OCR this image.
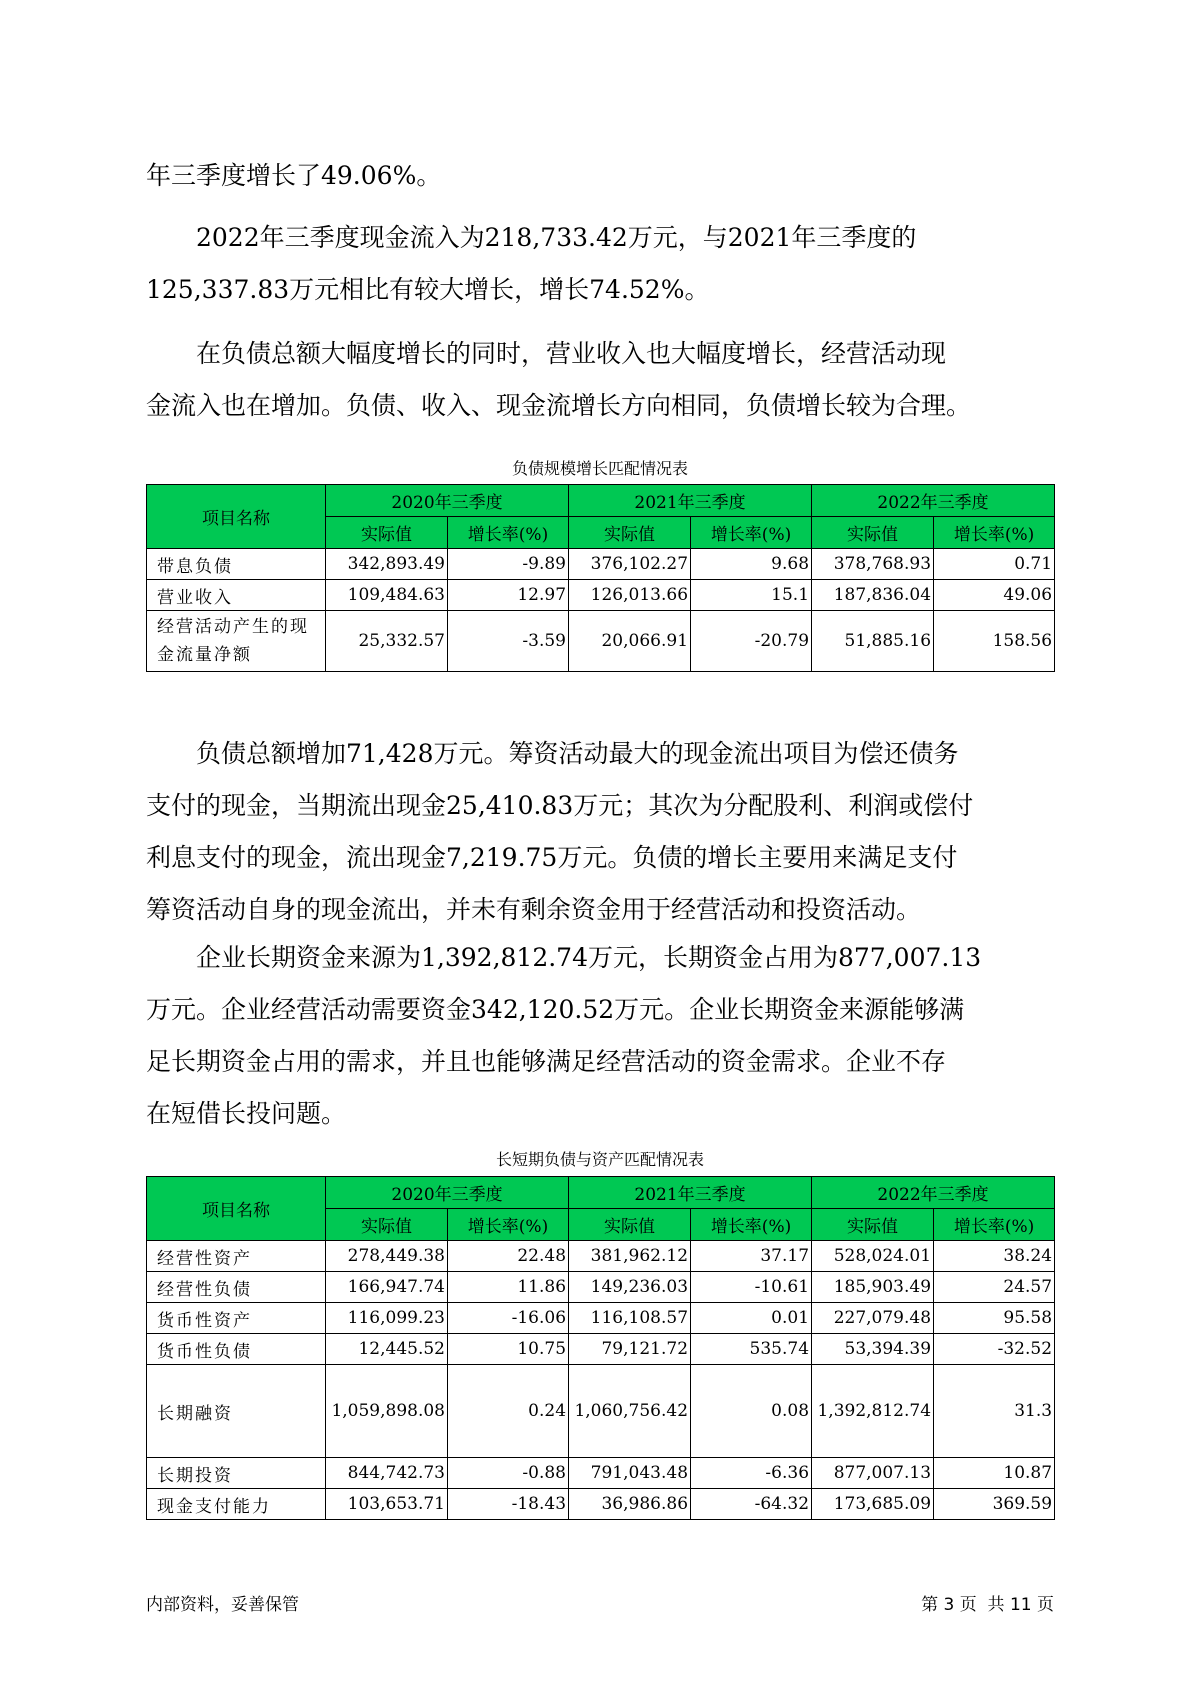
年三季度增长了49.06%。
2022年三季度现金流入为218,733.42万元，与2021年三季度的
125,337.83万元相比有较大增长，增长74.52%。
在负债总额大幅度增长的同时，营业收入也大幅度增长，经营活动现
金流入也在增加。负债、收入、现金流增长方向相同，负债增长较为合理。
负债规模增长匹配情况表
项目名称	2020年三季度		2021年三季度		2022年三季度	
	实际值	增长率(%)	实际值	增长率(%)	实际值	增长率(%)
带息负债	342,893.49	-9.89	376,102.27	9.68	378,768.93	0.71
营业收入	109,484.63	12.97	126,013.66	15.1	187,836.04	49.06
经营活动产生的现金流量净额	25,332.57	-3.59	20,066.91	-20.79	51,885.16	158.56
负债总额增加71,428万元。筹资活动最大的现金流出项目为偿还债务
支付的现金，当期流出现金25,410.83万元；其次为分配股利、利润或偿付
利息支付的现金，流出现金7,219.75万元。负债的增长主要用来满足支付
筹资活动自身的现金流出，并未有剩余资金用于经营活动和投资活动。
企业长期资金来源为1,392,812.74万元，长期资金占用为877,007.13
万元。企业经营活动需要资金342,120.52万元。企业长期资金来源能够满
足长期资金占用的需求，并且也能够满足经营活动的资金需求。企业不存
在短借长投问题。
长短期负债与资产匹配情况表
项目名称	2020年三季度		2021年三季度		2022年三季度	
	实际值	增长率(%)	实际值	增长率(%)	实际值	增长率(%)
经营性资产	278,449.38	22.48	381,962.12	37.17	528,024.01	38.24
经营性负债	166,947.74	11.86	149,236.03	-10.61	185,903.49	24.57
货币性资产	116,099.23	-16.06	116,108.57	0.01	227,079.48	95.58
货币性负债	12,445.52	10.75	79,121.72	535.74	53,394.39	-32.52
长期融资	1,059,898.08	0.24	1,060,756.42	0.08	1,392,812.74	31.3
长期投资	844,742.73	-0.88	791,043.48	-6.36	877,007.13	10.87
现金支付能力	103,653.71	-18.43	36,986.86	-64.32	173,685.09	369.59
内部资料，妥善保管	第 3 页  共 11 页
